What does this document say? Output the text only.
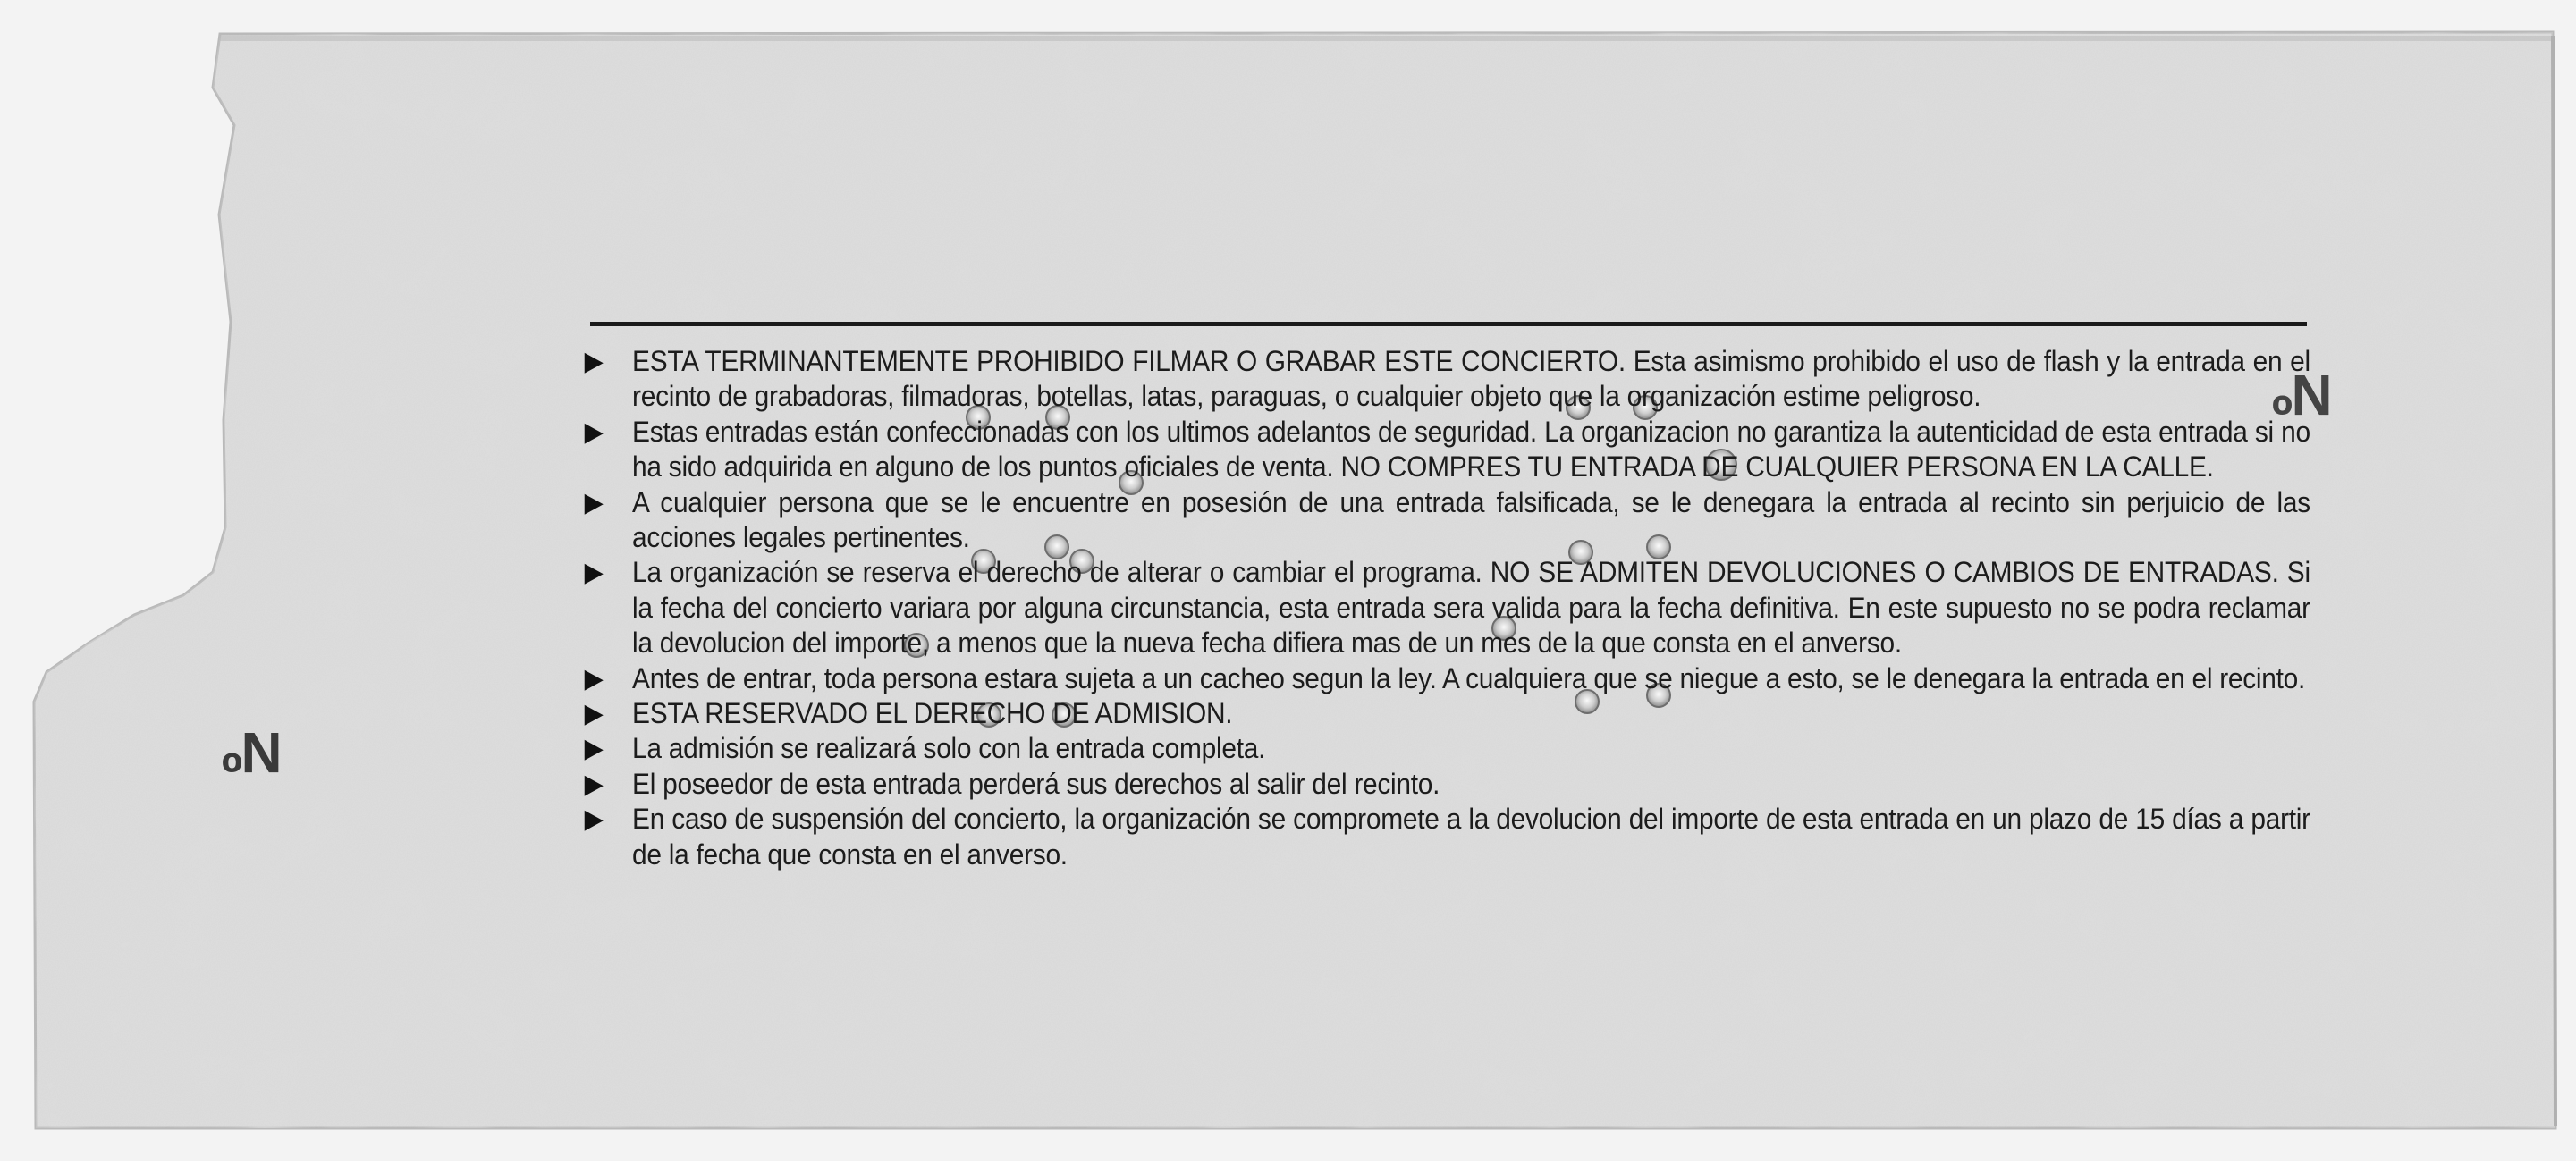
▶ ESTA TERMINANTEMENTE PROHIBIDO FILMAR O GRABAR ESTE CONCIERTO. Esta asimismo prohibido el uso de flash y la entrada en el recinto de grabadoras, filmadoras, botellas, latas, paraguas, o cualquier objeto que la organización estime peligroso.
▶ Estas entradas están confeccionadas con los ultimos adelantos de seguridad. La organizacion no garantiza la autenticidad de esta entrada si no ha sido adquirida en alguno de los puntos oficiales de venta. NO COMPRES TU ENTRADA DE CUALQUIER PERSONA EN LA CALLE.
▶ A cualquier persona que se le encuentre en posesión de una entrada falsificada, se le denegara la entrada al recinto sin perjuicio de las acciones legales pertinentes.
▶ La organización se reserva el derecho de alterar o cambiar el programa. NO SE ADMITEN DEVOLUCIONES O CAMBIOS DE ENTRADAS. Si la fecha del concierto variara por alguna circunstancia, esta entrada sera valida para la fecha definitiva. En este supuesto no se podra reclamar la devolucion del importe, a menos que la nueva fecha difiera mas de un mes de la que consta en el anverso.
▶ Antes de entrar, toda persona estara sujeta a un cacheo segun la ley. A cualquiera que se niegue a esto, se le denegara la entrada en el recinto.
▶ ESTA RESERVADO EL DERECHO DE ADMISION.
▶ La admisión se realizará solo con la entrada completa.
▶ El poseedor de esta entrada perderá sus derechos al salir del recinto.
▶ En caso de suspensión del concierto, la organización se compromete a la devolucion del importe de esta entrada en un plazo de 15 días a partir de la fecha que consta en el anverso.
Nº
Nº
